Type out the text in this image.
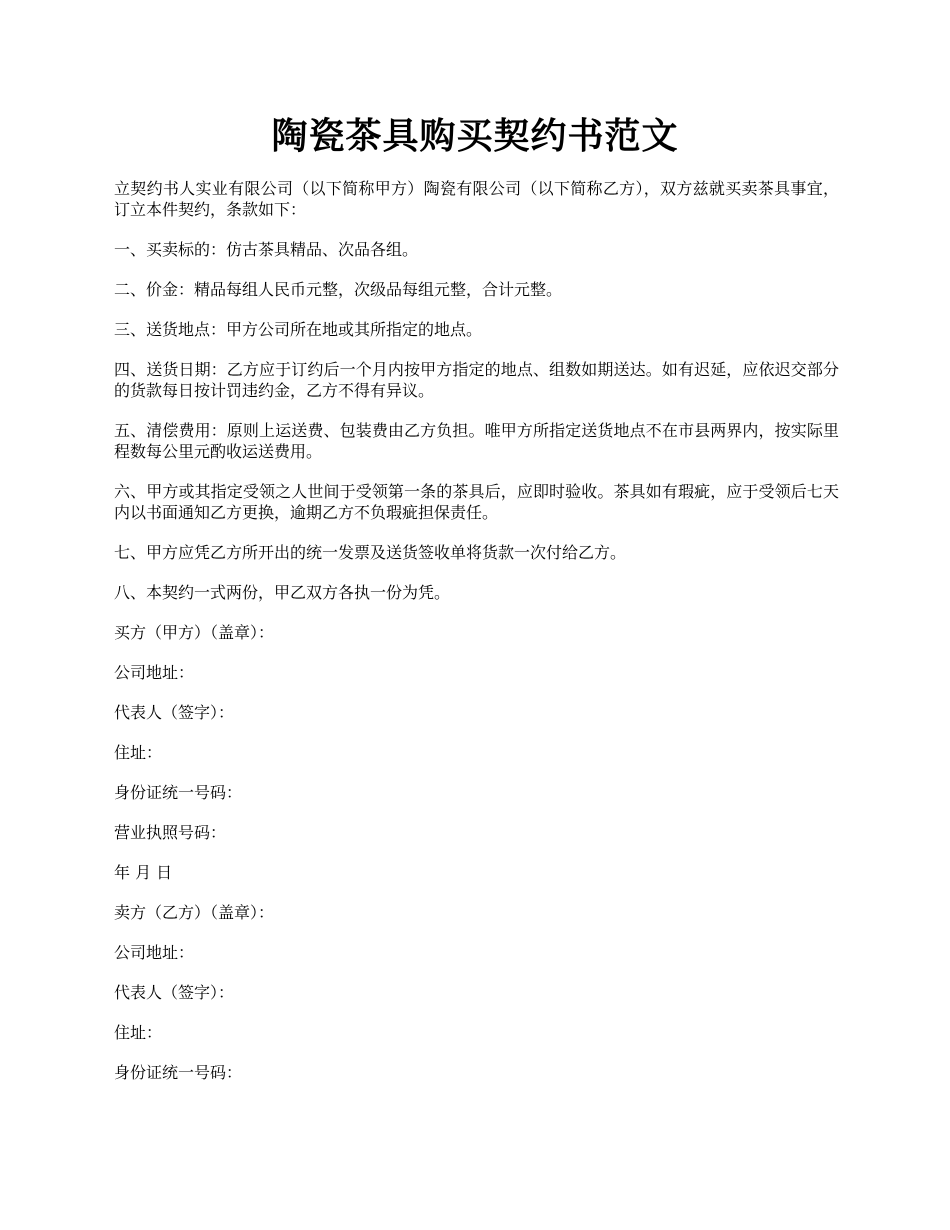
陶瓷茶具购买契约书范文

立契约书人实业有限公司（以下简称甲方）陶瓷有限公司（以下简称乙方），双方兹就买卖茶具事宜，订立本件契约，条款如下：

一、买卖标的：仿古茶具精品、次品各组。

二、价金：精品每组人民币元整，次级品每组元整，合计元整。

三、送货地点：甲方公司所在地或其所指定的地点。

四、送货日期：乙方应于订约后一个月内按甲方指定的地点、组数如期送达。如有迟延，应依迟交部分的货款每日按计罚违约金，乙方不得有异议。

五、清偿费用：原则上运送费、包装费由乙方负担。唯甲方所指定送货地点不在市县两界内，按实际里程数每公里元酌收运送费用。

六、甲方或其指定受领之人世间于受领第一条的茶具后，应即时验收。茶具如有瑕疵，应于受领后七天内以书面通知乙方更换，逾期乙方不负瑕疵担保责任。

七、甲方应凭乙方所开出的统一发票及送货签收单将货款一次付给乙方。

八、本契约一式两份，甲乙双方各执一份为凭。

买方（甲方）（盖章）：

公司地址：

代表人（签字）：

住址：

身份证统一号码：

营业执照号码：

年 月 日

卖方（乙方）（盖章）：

公司地址：

代表人（签字）：

住址：

身份证统一号码：
